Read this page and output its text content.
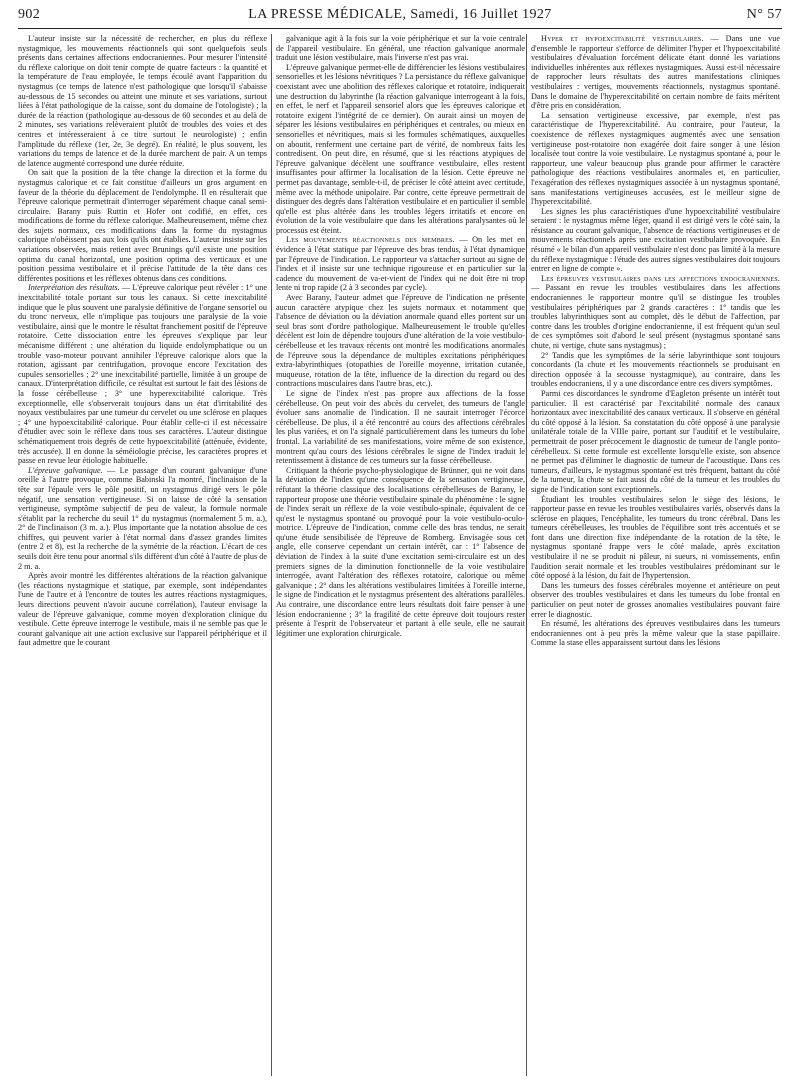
902	LA PRESSE MÉDICALE, Samedi, 16 Juillet 1927	N° 57

L'auteur insiste sur la nécessité de rechercher, en plus du réflexe nystagmique, les mouvements réactionnels qui sont quelquefois seuls présents dans certaines affections endocraniennes. Pour mesurer l'intensité du réflexe calorique on doit tenir compte de quatre facteurs : la quantité et la température de l'eau employée, le temps écoulé avant l'apparition du nystagmus (ce temps de latence n'est pathologique que lorsqu'il s'abaisse au-dessous de 15 secondes ou atteint une minute et ses variations, surtout liées à l'état pathologique de la caisse, sont du domaine de l'otologiste) ; la durée de la réaction (pathologique au-dessous de 60 secondes et au delà de 2 minutes, ses variations relèveraient plutôt de troubles des voies et des centres et intéresseraient à ce titre surtout le neurologiste) ; enfin l'amplitude du réflexe (1er, 2e, 3e degré). En réalité, le plus souvent, les variations du temps de latence et de la durée marchent de pair. A un temps de latence augmenté correspond une durée réduite.

On sait que la position de la tête change la direction et la forme du nystagmus calorique et ce fait constitue d'ailleurs un gros argument en faveur de la théorie du déplacement de l'endolymphe. Il en résulterait que l'épreuve calorique permettrait d'interroger séparément chaque canal semi-circulaire. Barany puis Ruttin et Hofer ont codifié, en effet, ces modifications de forme du réflexe calorique. Malheureusement, même chez des sujets normaux, ces modifications dans la forme du nystagmus calorique n'obéissent pas aux lois qu'ils ont établies. L'auteur insiste sur les variations observées, mais retient avec Brunings qu'il existe une position optima du canal horizontal, une position optima des verticaux et une position pessima vestibulaire et il précise l'attitude de la tête dans ces différentes positions et les réflexes obtenus dans ces conditions.

Interprétation des résultats. — L'épreuve calorique peut révéler : 1° une inexcitabilité totale portant sur tous les canaux. Si cette inexcitabilité indique que le plus souvent une paralysie définitive de l'organe sensoriel ou du tronc nerveux, elle n'implique pas toujours une paralysie de la voie vestibulaire, ainsi que le montre le résultat franchement positif de l'épreuve rotatoire. Cette dissociation entre les épreuves s'explique par leur mécanisme différent : une altération du liquide endolymphatique ou un trouble vaso-moteur pouvant annihiler l'épreuve calorique alors que la rotation, agissant par centrifugation, provoque encore l'excitation des cupules sensorielles ; 2° une inexcitabilité partielle, limitée à un groupe de canaux. D'interprétation difficile, ce résultat est surtout le fait des lésions de la fosse cérébelleuse ; 3° une hyperexcitabilité calorique. Très exceptionnelle, elle s'observerait toujours dans un état d'irritabilité des noyaux vestibulaires par une tumeur du cervelet ou une sclérose en plaques ; 4° une hypoexcitabilité calorique. Pour établir celle-ci il est nécessaire d'étudier avec soin le réflexe dans tous ses caractères. L'auteur distingue schématiquement trois degrés de cette hypoexcitabilité (atténuée, évidente, très accusée). Il en donne la séméiologie précise, les caractères propres et passe en revue leur étiologie habituelle.

L'épreuve galvanique. — Le passage d'un courant galvanique d'une oreille à l'autre provoque, comme Babinski l'a montré, l'inclinaison de la tête sur l'épaule vers le pôle positif, un nystagmus dirigé vers le pôle négatif, une sensation vertigineuse. Si on laisse de côté la sensation vertigineuse, symptôme subjectif de peu de valeur, la formule normale s'établit par la recherche du seuil 1° du nystagmus (normalement 5 m. a.), 2° de l'inclinaison (3 m. a.). Plus importante que la notation absolue de ces chiffres, qui peuvent varier à l'état normal dans d'assez grandes limites (entre 2 et 8), est la recherche de la symétrie de la réaction. L'écart de ces seuils doit être tenu pour anormal s'ils diffèrent d'un côté à l'autre de plus de 2 m. a.

Après avoir montré les différentes altérations de la réaction galvanique (les réactions nystagmique et statique, par exemple, sont indépendantes l'une de l'autre et à l'encontre de toutes les autres réactions nystagmiques, leurs directions peuvent n'avoir aucune corrélation), l'auteur envisage la valeur de l'épreuve galvanique, comme moyen d'exploration clinique du vestibule. Cette épreuve interroge le vestibule, mais il ne semble pas que le courant galvanique ait une action exclusive sur l'appareil périphérique et il faut admettre que le courant

galvanique agit à la fois sur la voie périphérique et sur la voie centrale de l'appareil vestibulaire. En général, une réaction galvanique anormale traduit une lésion vestibulaire, mais l'inverse n'est pas vrai.

L'épreuve galvanique permet-elle de différencier les lésions vestibulaires sensorielles et les lésions névritiques ? La persistance du réflexe galvanique coexistant avec une abolition des réflexes calorique et rotatoire, indiquerait une destruction du labyrinthe (la réaction galvanique interrogeant à la fois, en effet, le nerf et l'appareil sensoriel alors que les épreuves calorique et rotatoire exigent l'intégrité de ce dernier). On aurait ainsi un moyen de séparer les lésions vestibulaires en périphériques et centrales, ou mieux en sensorielles et névritiques, mais si les formules schématiques, auxquelles on aboutit, renferment une certaine part de vérité, de nombreux faits les contredisent. On peut dire, en résumé, que si les réactions atypiques de l'épreuve galvanique décèlent une souffrance vestibulaire, elles restent insuffisantes pour affirmer la localisation de la lésion. Cette épreuve ne permet pas davantage, semble-t-il, de préciser le côté atteint avec certitude, même avec la méthode unipolaire. Par contre, cette épreuve permettrait de distinguer des degrés dans l'altération vestibulaire et en particulier il semble qu'elle est plus altérée dans les troubles légers irritatifs et encore en évolution de la voie vestibulaire que dans les altérations paralysantes où le processus est éteint.

Les mouvements réactionnels des membres. — On les met en évidence à l'état statique par l'épreuve des bras tendus, à l'état dynamique par l'épreuve de l'indication. Le rapporteur va s'attacher surtout au signe de l'index et il insiste sur une technique rigoureuse et en particulier sur la cadence du mouvement de va-et-vient de l'index qui ne doit être ni trop lente ni trop rapide (2 à 3 secondes par cycle).

Avec Barany, l'auteur admet que l'épreuve de l'indication ne présente aucun caractère atypique chez les sujets normaux et notamment que l'absence de déviation ou la déviation anormale quand elles portent sur un seul bras sont d'ordre pathologique. Malheureusement le trouble qu'elles décèlent est loin de dépendre toujours d'une altération de la voie vestibulo-cérébelleuse et les travaux récents ont montré les modifications anormales de l'épreuve sous la dépendance de multiples excitations périphériques extra-labyrinthiques (otopathies de l'oreille moyenne, irritation cutanée, muqueuse, rotation de la tête, influence de la direction du regard ou des contractions musculaires dans l'autre bras, etc.).

Le signe de l'index n'est pas propre aux affections de la fosse cérébelleuse. On peut voir des abcès du cervelet, des tumeurs de l'angle évoluer sans anomalie de l'indication. Il ne saurait interroger l'écorce cérébelleuse. De plus, il a été rencontré au cours des affections cérébrales les plus variées, et on l'a signalé particulièrement dans les tumeurs du lobe frontal. La variabilité de ses manifestations, voire même de son existence, montrent qu'au cours des lésions cérébrales le signe de l'index traduit le retentissement à distance de ces tumeurs sur la fosse cérébelleuse.

Critiquant la théorie psycho-physiologique de Brünner, qui ne voit dans la déviation de l'index qu'une conséquence de la sensation vertigineuse, réfutant la théorie classique des localisations cérébelleuses de Barany, le rapporteur propose une théorie vestibulaire spinale du phénomène : le signe de l'index serait un réflexe de la voie vestibulo-spinale, équivalent de ce qu'est le nystagmus spontané ou provoqué pour la voie vestibulo-oculo-motrice. L'épreuve de l'indication, comme celle des bras tendus, ne serait qu'une étude sensibilisée de l'épreuve de Romberg. Envisagée sous cet angle, elle conserve cependant un certain intérêt, car : 1° l'absence de déviation de l'index à la suite d'une excitation semi-circulaire est un des premiers signes de la diminution fonctionnelle de la voie vestibulaire interrogée, avant l'altération des réflexes rotatoire, calorique ou même galvanique ; 2° dans les altérations vestibulaires limitées à l'oreille interne, le signe de l'indication et le nystagmus présentent des altérations parallèles. Au contraire, une discordance entre leurs résultats doit faire penser à une lésion endocranienne ; 3° la fragilité de cette épreuve doit toujours rester présente à l'esprit de l'observateur et partant à elle seule, elle ne saurait légitimer une exploration chirurgicale.

Hyper et hypoexcitabilité vestibulaires. — Dans une vue d'ensemble le rapporteur s'efforce de délimiter l'hyper et l'hypoexcitabilité vestibulaires d'évaluation forcément délicate étant donné les variations individuelles inhérentes aux réflexes nystagmiques. Aussi est-il nécessaire de rapprocher leurs résultats des autres manifestations cliniques vestibulaires : vertiges, mouvements réactionnels, nystagmus spontané. Dans le domaine de l'hyperexcitabilité on certain nombre de faits méritent d'être pris en considération.

La sensation vertigineuse excessive, par exemple, n'est pas caractéristique de l'hyperexcitabilité. Au contraire, pour l'auteur, la coexistence de réflexes nystagmiques augmentés avec une sensation vertigineuse post-rotatoire non exagérée doit faire songer à une lésion localisée tout contre la voie vestibulaire. Le nystagmus spontané a, pour le rapporteur, une valeur beaucoup plus grande pour affirmer le caractère pathologique des réactions vestibulaires anormales et, en particulier, l'exagération des réflexes nystagmiques associée à un nystagmus spontané, sans manifestations vertigineuses accusées, est le meilleur signe de l'hyperexcitabilité.

Les signes les plus caractéristiques d'une hypoexcitabilité vestibulaire seraient : le nystagmus même léger, quand il est dirigé vers le côté sain, la résistance au courant galvanique, l'absence de réactions vertigineuses et de mouvements réactionnels après une excitation vestibulaire provoquée. En résumé « le bilan d'un appareil vestibulaire n'est donc pas limité à la mesure du réflexe nystagmique : l'étude des autres signes vestibulaires doit toujours entrer en ligne de compte ».

Les épreuves vestibulaires dans les affections endocraniennes. — Passant en revue les troubles vestibulaires dans les affections endocraniennes le rapporteur montre qu'il se distingue les troubles vestibulaires périphériques par 2 grands caractères : 1° tandis que les troubles labyrinthiques sont au complet, dès le début de l'affection, par contre dans les troubles d'origine endocranienne, il est fréquent qu'un seul de ces symptômes soit d'abord le seul présent (nystagmus spontané sans chute, ni vertige, chute sans nystagmus) ;

2° Tandis que les symptômes de la série labyrinthique sont toujours concordants (la chute et les mouvements réactionnels se produisant en direction opposée à la secousse nystagmique), au contraire, dans les troubles endocraniens, il y a une discordance entre ces divers symptômes.

Parmi ces discordances le syndrome d'Eagleton présente un intérêt tout particulier. Il est caractérisé par l'excitabilité normale des canaux horizontaux avec inexcitabilité des canaux verticaux. Il s'observe en général du côté opposé à la lésion. Sa constatation du côté opposé à une paralysie unilatérale totale de la VIIIe paire, portant sur l'auditif et le vestibulaire, permettrait de poser précocement le diagnostic de tumeur de l'angle ponto-cérébelleux. Si cette formule est excellente lorsqu'elle existe, son absence ne permet pas d'éliminer le diagnostic de tumeur de l'acoustique. Dans ces tumeurs, d'ailleurs, le nystagmus spontané est très fréquent, battant du côté de la tumeur, la chute se fait aussi du côté de la tumeur et les troubles du signe de l'indication sont exceptionnels.

Étudiant les troubles vestibulaires selon le siège des lésions, le rapporteur passe en revue les troubles vestibulaires variés, observés dans la sclérose en plaques, l'encéphalite, les tumeurs du tronc cérébral. Dans les tumeurs cérébelleuses, les troubles de l'équilibre sont très accentués et se font dans une direction fixe indépendante de la rotation de la tête, le nystagmus spontané frappe vers le côté malade, après excitation vestibulaire il ne se produit ni pâleur, ni sueurs, ni vomissements, enfin l'audition serait normale et les troubles vestibulaires prédominant sur le côté opposé à la lésion, du fait de l'hypertension.

Dans les tumeurs des fosses cérébrales moyenne et antérieure on peut observer des troubles vestibulaires et dans les tumeurs du lobe frontal en particulier on peut noter de grosses anomalies vestibulaires pouvant faire errer le diagnostic.

En résumé, les altérations des épreuves vestibulaires dans les tumeurs endocraniennes ont à peu près la même valeur que la stase papillaire. Comme la stase elles apparaissent surtout dans les lésions
